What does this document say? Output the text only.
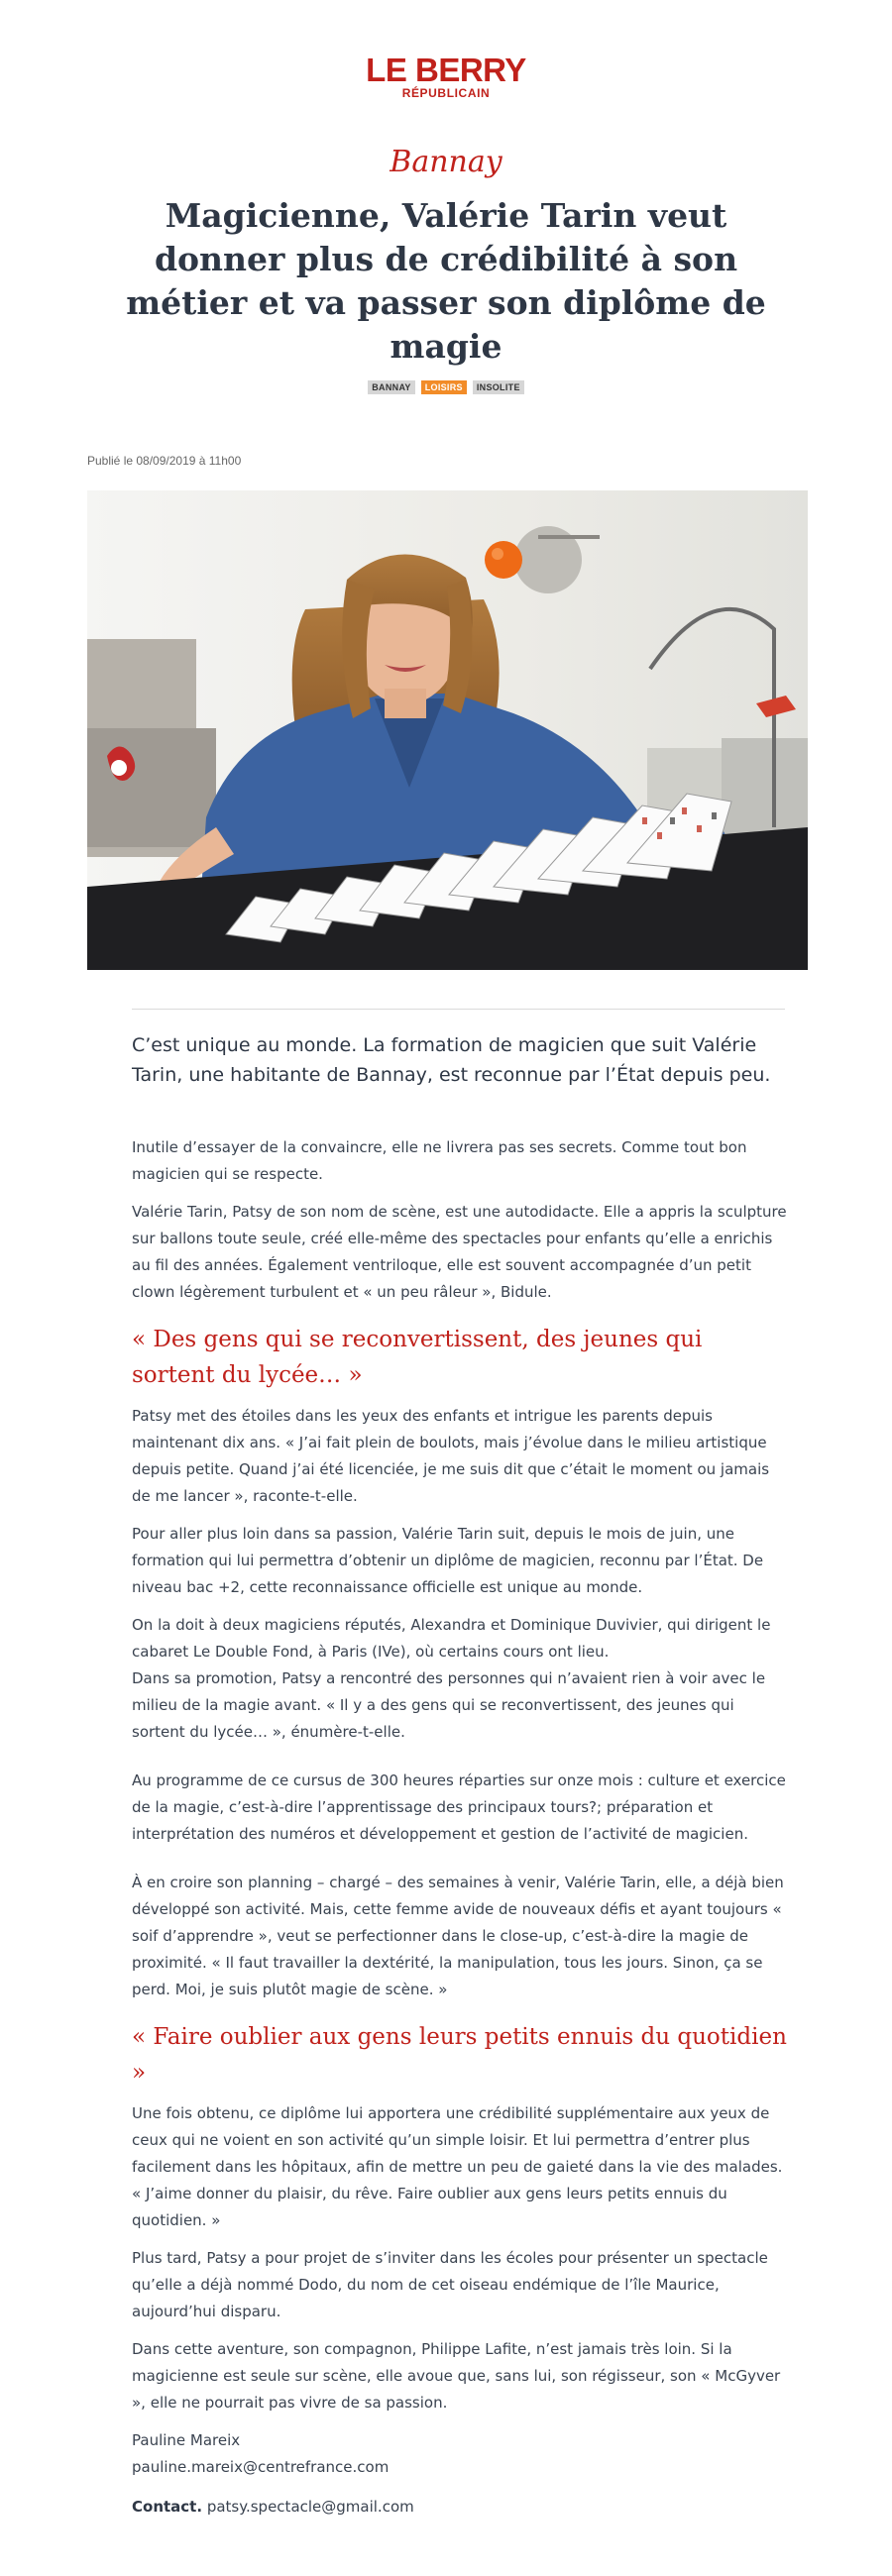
LE BERRY
RÉPUBLICAIN
Bannay
Magicienne, Valérie Tarin veut donner plus de crédibilité à son métier et va passer son diplôme de magie
BANNAY LOISIRS INSOLITE
Publié le 08/09/2019 à 11h00

C’est unique au monde. La formation de magicien que suit Valérie Tarin, une habitante de Bannay, est reconnue par l’État depuis peu.

Inutile d’essayer de la convaincre, elle ne livrera pas ses secrets. Comme tout bon magicien qui se respecte.

Valérie Tarin, Patsy de son nom de scène, est une autodidacte. Elle a appris la sculpture sur ballons toute seule, créé elle-même des spectacles pour enfants qu’elle a enrichis au fil des années. Également ventriloque, elle est souvent accompagnée d’un petit clown légèrement turbulent et « un peu râleur », Bidule.

« Des gens qui se reconvertissent, des jeunes qui sortent du lycée… »

Patsy met des étoiles dans les yeux des enfants et intrigue les parents depuis maintenant dix ans. « J’ai fait plein de boulots, mais j’évolue dans le milieu artistique depuis petite. Quand j’ai été licenciée, je me suis dit que c’était le moment ou jamais de me lancer », raconte-t-elle.

Pour aller plus loin dans sa passion, Valérie Tarin suit, depuis le mois de juin, une formation qui lui permettra d’obtenir un diplôme de magicien, reconnu par l’État. De niveau bac +2, cette reconnaissance officielle est unique au monde.

On la doit à deux magiciens réputés, Alexandra et Dominique Duvivier, qui dirigent le cabaret Le Double Fond, à Paris (IVe), où certains cours ont lieu.

Dans sa promotion, Patsy a rencontré des personnes qui n’avaient rien à voir avec le milieu de la magie avant. « Il y a des gens qui se reconvertissent, des jeunes qui sortent du lycée… », énumère-t-elle.

Au programme de ce cursus de 300 heures réparties sur onze mois : culture et exercice de la magie, c’est-à-dire l’apprentissage des principaux tours?; préparation et interprétation des numéros et développement et gestion de l’activité de magicien.

À en croire son planning – chargé – des semaines à venir, Valérie Tarin, elle, a déjà bien développé son activité. Mais, cette femme avide de nouveaux défis et ayant toujours « soif d’apprendre », veut se perfectionner dans le close-up, c’est-à-dire la magie de proximité. « Il faut travailler la dextérité, la manipulation, tous les jours. Sinon, ça se perd. Moi, je suis plutôt magie de scène. »

« Faire oublier aux gens leurs petits ennuis du quotidien »

Une fois obtenu, ce diplôme lui apportera une crédibilité supplémentaire aux yeux de ceux qui ne voient en son activité qu’un simple loisir. Et lui permettra d’entrer plus facilement dans les hôpitaux, afin de mettre un peu de gaieté dans la vie des malades. « J’aime donner du plaisir, du rêve. Faire oublier aux gens leurs petits ennuis du quotidien. »

Plus tard, Patsy a pour projet de s’inviter dans les écoles pour présenter un spectacle qu’elle a déjà nommé Dodo, du nom de cet oiseau endémique de l’île Maurice, aujourd’hui disparu.

Dans cette aventure, son compagnon, Philippe Lafite, n’est jamais très loin. Si la magicienne est seule sur scène, elle avoue que, sans lui, son régisseur, son « McGyver », elle ne pourrait pas vivre de sa passion.

Pauline Mareix

pauline.mareix@centrefrance.com

Contact. patsy.spectacle@gmail.com
